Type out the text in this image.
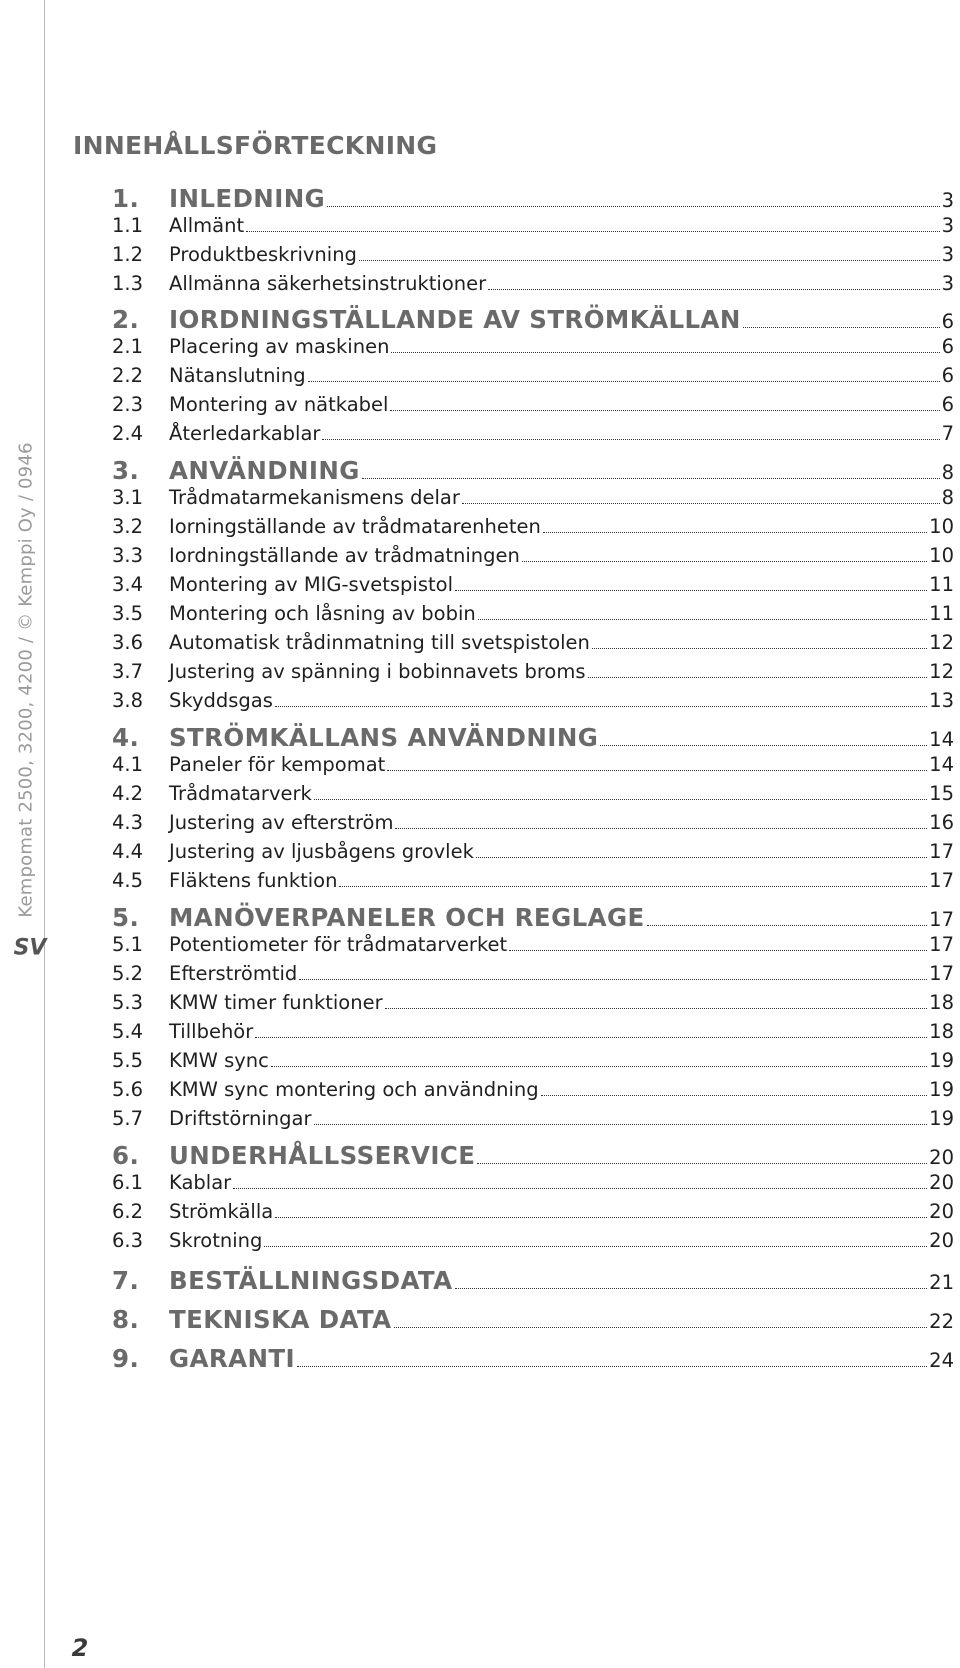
Kempomat 2500, 3200, 4200 / © Kemppi Oy / 0946
SV
2
INNEHÅLLSFÖRTECKNING
1.	INLEDNING	3
1.1	Allmänt	3
1.2	Produktbeskrivning	3
1.3	Allmänna säkerhetsinstruktioner	3
2.	IORDNINGSTÄLLANDE AV STRÖMKÄLLAN	6
2.1	Placering av maskinen	6
2.2	Nätanslutning	6
2.3	Montering av nätkabel	6
2.4	Återledarkablar	7
3.	ANVÄNDNING	8
3.1	Trådmatarmekanismens delar	8
3.2	Iorningställande av trådmatarenheten	10
3.3	Iordningställande av trådmatningen	10
3.4	Montering av MIG-svetspistol	11
3.5	Montering och låsning av bobin	11
3.6	Automatisk trådinmatning till svetspistolen	12
3.7	Justering av spänning i bobinnavets broms	12
3.8	Skyddsgas	13
4.	STRÖMKÄLLANS ANVÄNDNING	14
4.1	Paneler för kempomat	14
4.2	Trådmatarverk	15
4.3	Justering av efterström	16
4.4	Justering av ljusbågens grovlek	17
4.5	Fläktens funktion	17
5.	MANÖVERPANELER OCH REGLAGE	17
5.1	Potentiometer för trådmatarverket	17
5.2	Efterströmtid	17
5.3	KMW timer funktioner	18
5.4	Tillbehör	18
5.5	KMW sync	19
5.6	KMW sync montering och användning	19
5.7	Driftstörningar	19
6.	UNDERHÅLLSSERVICE	20
6.1	Kablar	20
6.2	Strömkälla	20
6.3	Skrotning	20
7.	BESTÄLLNINGSDATA	21
8.	TEKNISKA DATA	22
9.	GARANTI	24
